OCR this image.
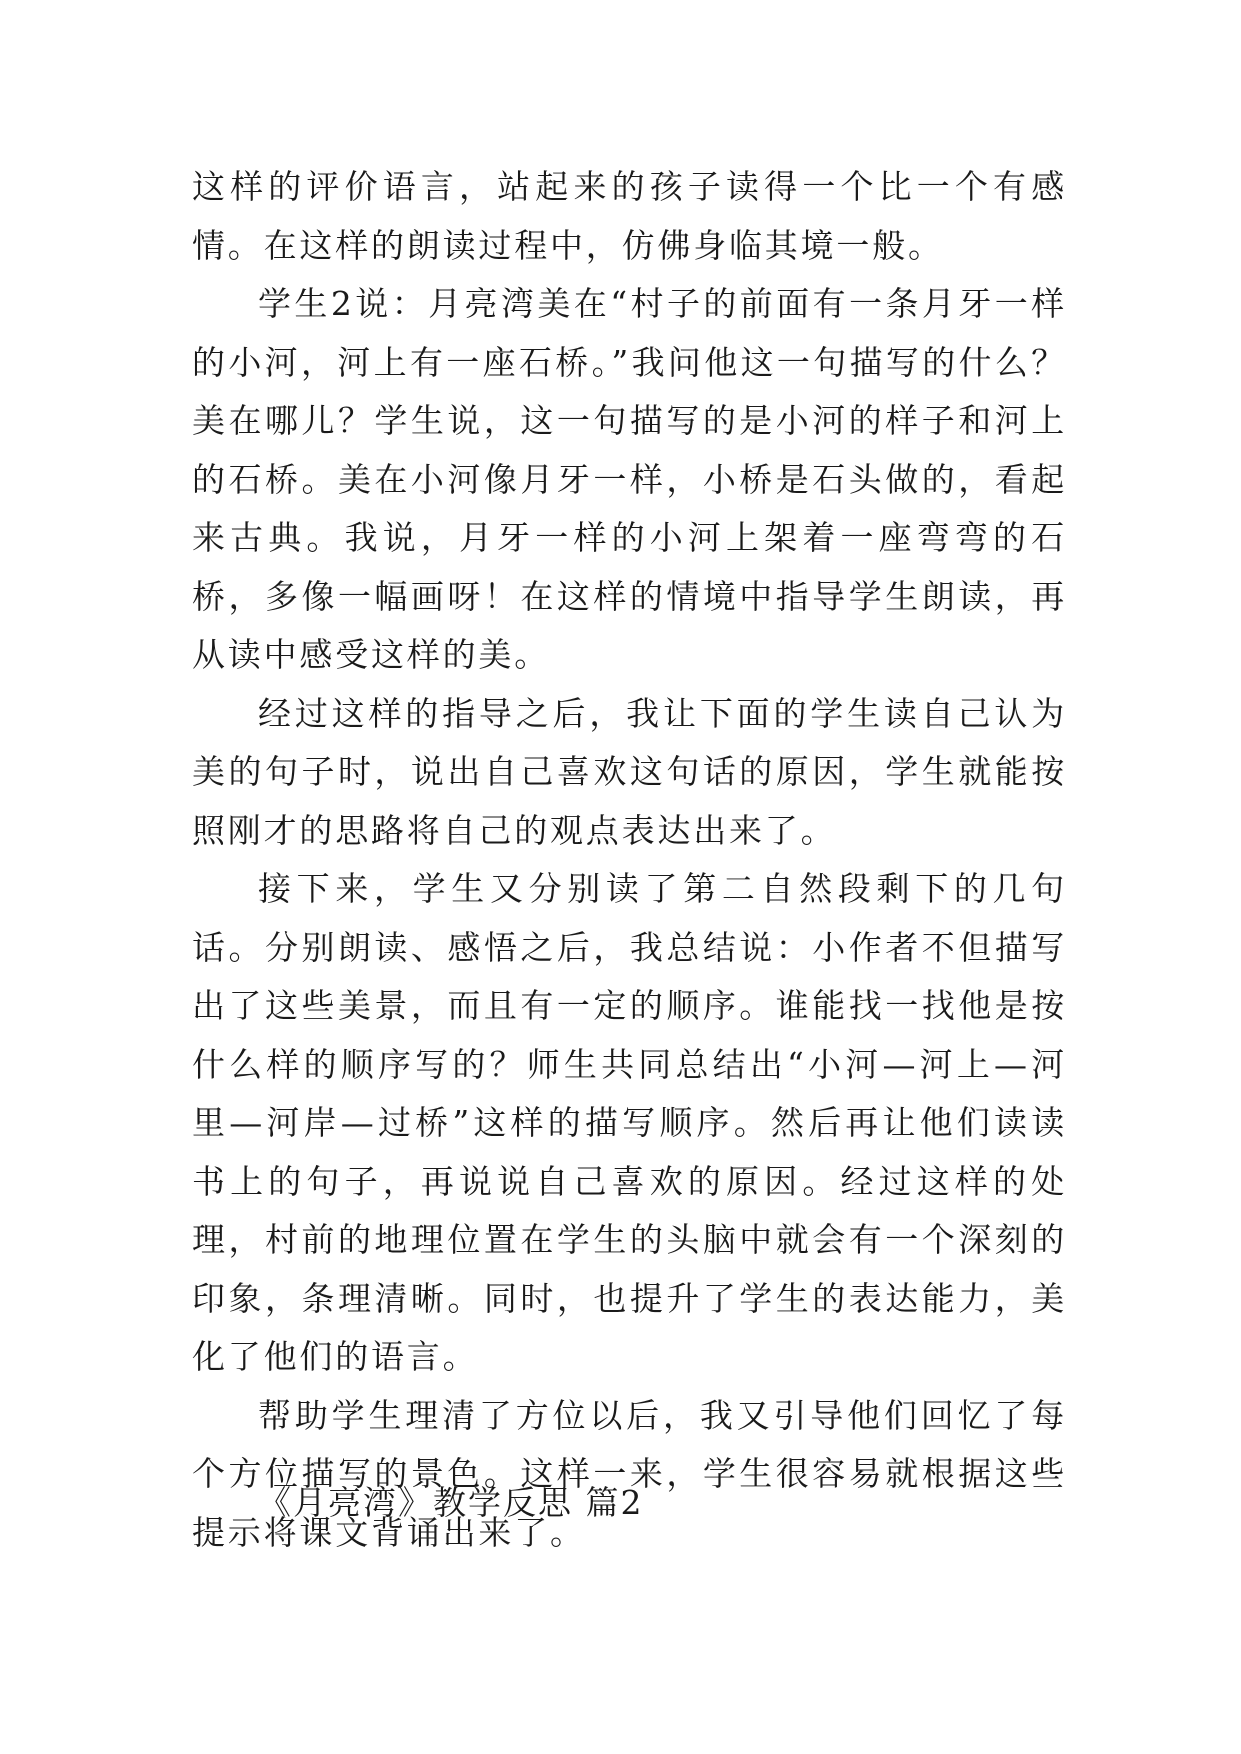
这样的评价语言，站起来的孩子读得一个比一个有感情。在这样的朗读过程中，仿佛身临其境一般。

学生2说：月亮湾美在“村子的前面有一条月牙一样的小河，河上有一座石桥。”我问他这一句描写的什么？美在哪儿？学生说，这一句描写的是小河的样子和河上的石桥。美在小河像月牙一样，小桥是石头做的，看起来古典。我说，月牙一样的小河上架着一座弯弯的石桥，多像一幅画呀！在这样的情境中指导学生朗读，再从读中感受这样的美。

经过这样的指导之后，我让下面的学生读自己认为美的句子时，说出自己喜欢这句话的原因，学生就能按照刚才的思路将自己的观点表达出来了。

接下来，学生又分别读了第二自然段剩下的几句话。分别朗读、感悟之后，我总结说：小作者不但描写出了这些美景，而且有一定的顺序。谁能找一找他是按什么样的顺序写的？师生共同总结出“小河—河上—河里—河岸—过桥”这样的描写顺序。然后再让他们读读书上的句子，再说说自己喜欢的原因。经过这样的处理，村前的地理位置在学生的头脑中就会有一个深刻的印象，条理清晰。同时，也提升了学生的表达能力，美化了他们的语言。

帮助学生理清了方位以后，我又引导他们回忆了每个方位描写的景色。这样一来，学生很容易就根据这些提示将课文背诵出来了。

《月亮湾》教学反思 篇2
